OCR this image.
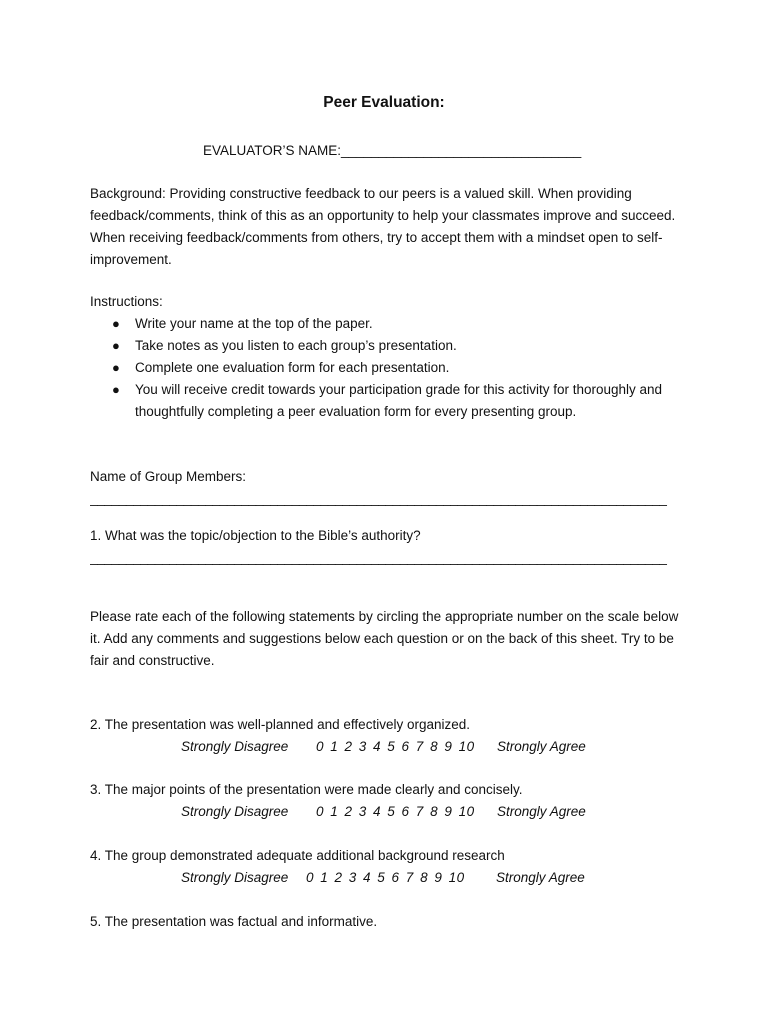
Peer Evaluation:
EVALUATOR’S NAME:________________________________
Background: Providing constructive feedback to our peers is a valued skill. When providing feedback/comments, think of this as an opportunity to help your classmates improve and succeed. When receiving feedback/comments from others, try to accept them with a mindset open to self-improvement.
Instructions:
● Write your name at the top of the paper.
● Take notes as you listen to each group’s presentation.
● Complete one evaluation form for each presentation.
● You will receive credit towards your participation grade for this activity for thoroughly and thoughtfully completing a peer evaluation form for every presenting group.
Name of Group Members:
________________________________________________________________________________
1. What was the topic/objection to the Bible’s authority?
________________________________________________________________________________
Please rate each of the following statements by circling the appropriate number on the scale below it. Add any comments and suggestions below each question or on the back of this sheet. Try to be fair and constructive.
2. The presentation was well-planned and effectively organized.
Strongly Disagree 0 1 2 3 4 5 6 7 8 9 10 Strongly Agree
3. The major points of the presentation were made clearly and concisely.
Strongly Disagree 0 1 2 3 4 5 6 7 8 9 10 Strongly Agree
4. The group demonstrated adequate additional background research
Strongly Disagree 0 1 2 3 4 5 6 7 8 9 10 Strongly Agree
5. The presentation was factual and informative.
